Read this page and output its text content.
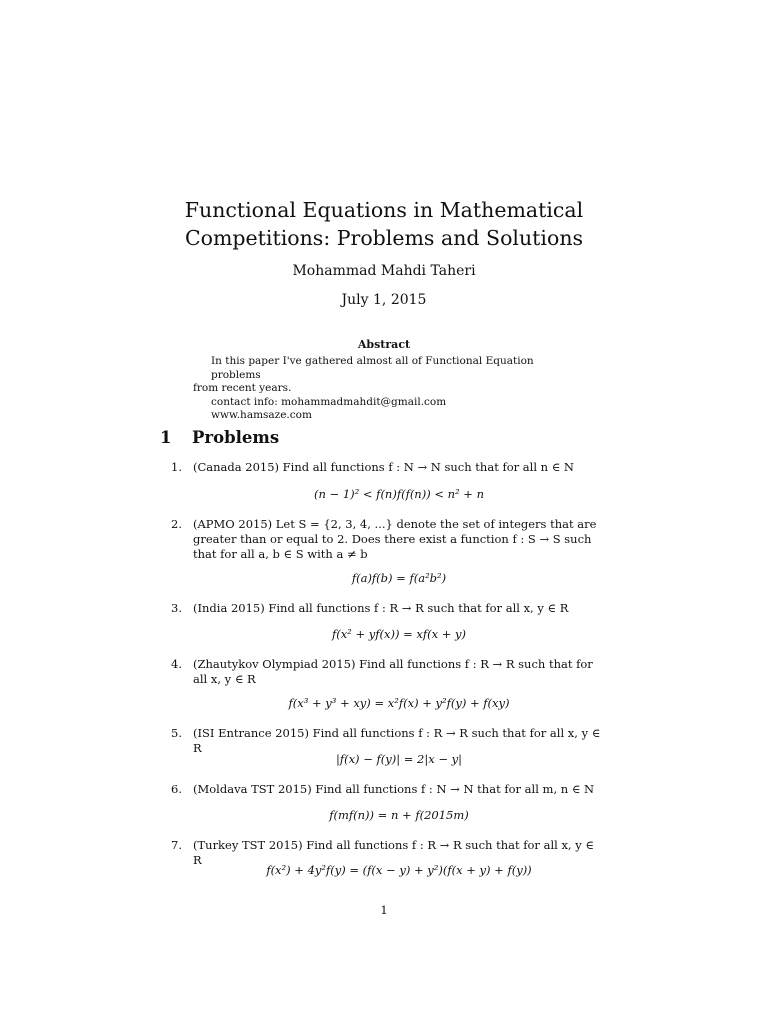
Functional Equations in Mathematical
Competitions: Problems and Solutions
Mohammad Mahdi Taheri
July 1, 2015
Abstract
In this paper I've gathered almost all of Functional Equation problems
from recent years.
contact info: mohammadmahdit@gmail.com
www.hamsaze.com
1 Problems
1. (Canada 2015) Find all functions f : N → N such that for all n ∈ N
(n − 1)² < f(n)f(f(n)) < n² + n
2. (APMO 2015) Let S = {2, 3, 4, ...} denote the set of integers that are
greater than or equal to 2. Does there exist a function f : S → S such
that for all a, b ∈ S with a ≠ b
f(a)f(b) = f(a²b²)
3. (India 2015) Find all functions f : R → R such that for all x, y ∈ R
f(x² + yf(x)) = xf(x + y)
4. (Zhautykov Olympiad 2015) Find all functions f : R → R such that for
all x, y ∈ R
f(x³ + y³ + xy) = x²f(x) + y²f(y) + f(xy)
5. (ISI Entrance 2015) Find all functions f : R → R such that for all x, y ∈ R
|f(x) − f(y)| = 2|x − y|
6. (Moldava TST 2015) Find all functions f : N → N that for all m, n ∈ N
f(mf(n)) = n + f(2015m)
7. (Turkey TST 2015) Find all functions f : R → R such that for all x, y ∈ R
f(x²) + 4y²f(y) = (f(x − y) + y²)(f(x + y) + f(y))
1
